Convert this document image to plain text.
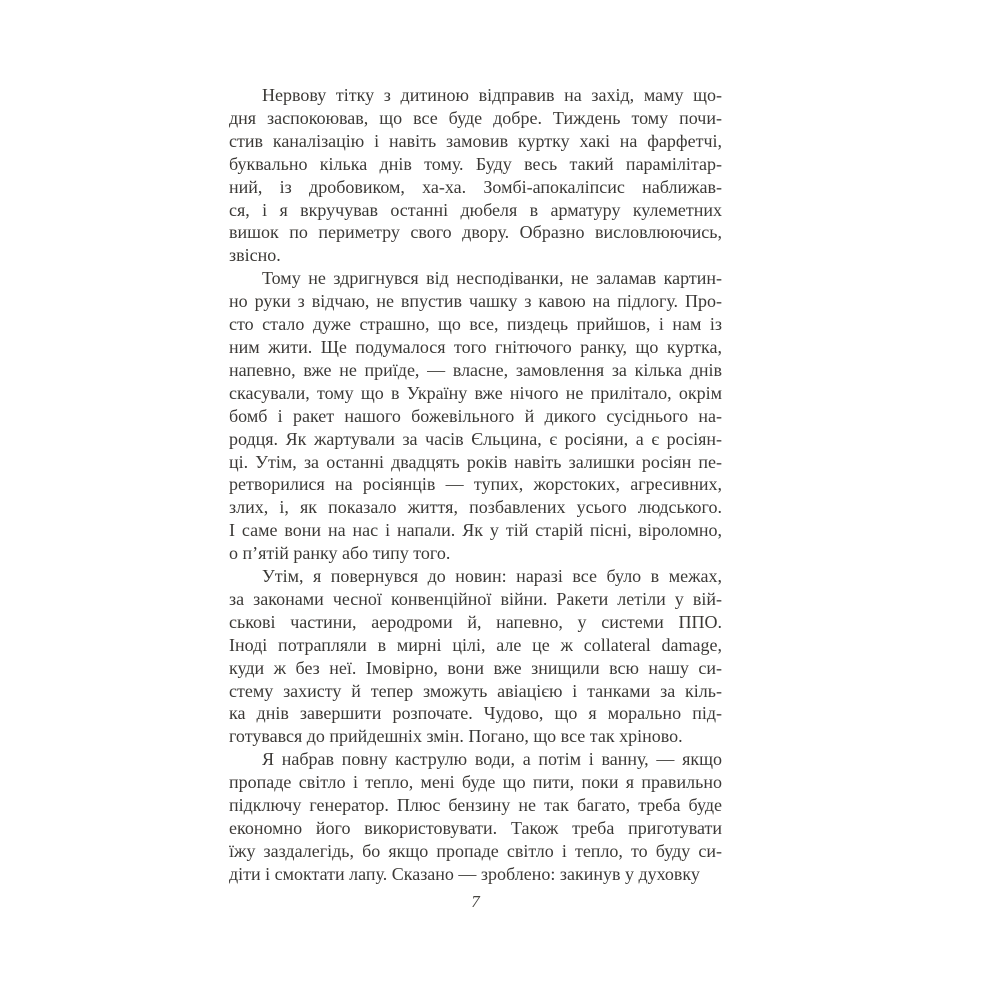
Нервову тітку з дитиною відправив на захід, маму що-
дня заспокоював, що все буде добре. Тиждень тому почи-
стив каналізацію і навіть замовив куртку хакі на фарфетчі,
буквально кілька днів тому. Буду весь такий парамілітар-
ний, із дробовиком, ха-ха. Зомбі-апокаліпсис наближав-
ся, і я вкручував останні дюбеля в арматуру кулеметних
вишок по периметру свого двору. Образно висловлюючись,
звісно.

Тому не здригнувся від несподіванки, не заламав картин-
но руки з відчаю, не впустив чашку з кавою на підлогу. Про-
сто стало дуже страшно, що все, пиздець прийшов, і нам із
ним жити. Ще подумалося того гнітючого ранку, що куртка,
напевно, вже не приїде, — власне, замовлення за кілька днів
скасували, тому що в Україну вже нічого не прилітало, окрім
бомб і ракет нашого божевільного й дикого сусіднього на-
родця. Як жартували за часів Єльцина, є росіяни, а є росіян-
ці. Утім, за останні двадцять років навіть залишки росіян пе-
ретворилися на росіянців — тупих, жорстоких, агресивних,
злих, і, як показало життя, позбавлених усього людського.
І саме вони на нас і напали. Як у тій старій пісні, віроломно,
о п’ятій ранку або типу того.

Утім, я повернувся до новин: наразі все було в межах,
за законами чесної конвенційної війни. Ракети летіли у вій-
ськові частини, аеродроми й, напевно, у системи ППО.
Іноді потрапляли в мирні цілі, але це ж collateral damage,
куди ж без неї. Імовірно, вони вже знищили всю нашу си-
стему захисту й тепер зможуть авіацією і танками за кіль-
ка днів завершити розпочате. Чудово, що я морально під-
готувався до прийдешніх змін. Погано, що все так хріново.

Я набрав повну каструлю води, а потім і ванну, — якщо
пропаде світло і тепло, мені буде що пити, поки я правильно
підключу генератор. Плюс бензину не так багато, треба буде
економно його використовувати. Також треба приготувати
їжу заздалегідь, бо якщо пропаде світло і тепло, то буду си-
діти і смоктати лапу. Сказано — зроблено: закинув у духовку

7
